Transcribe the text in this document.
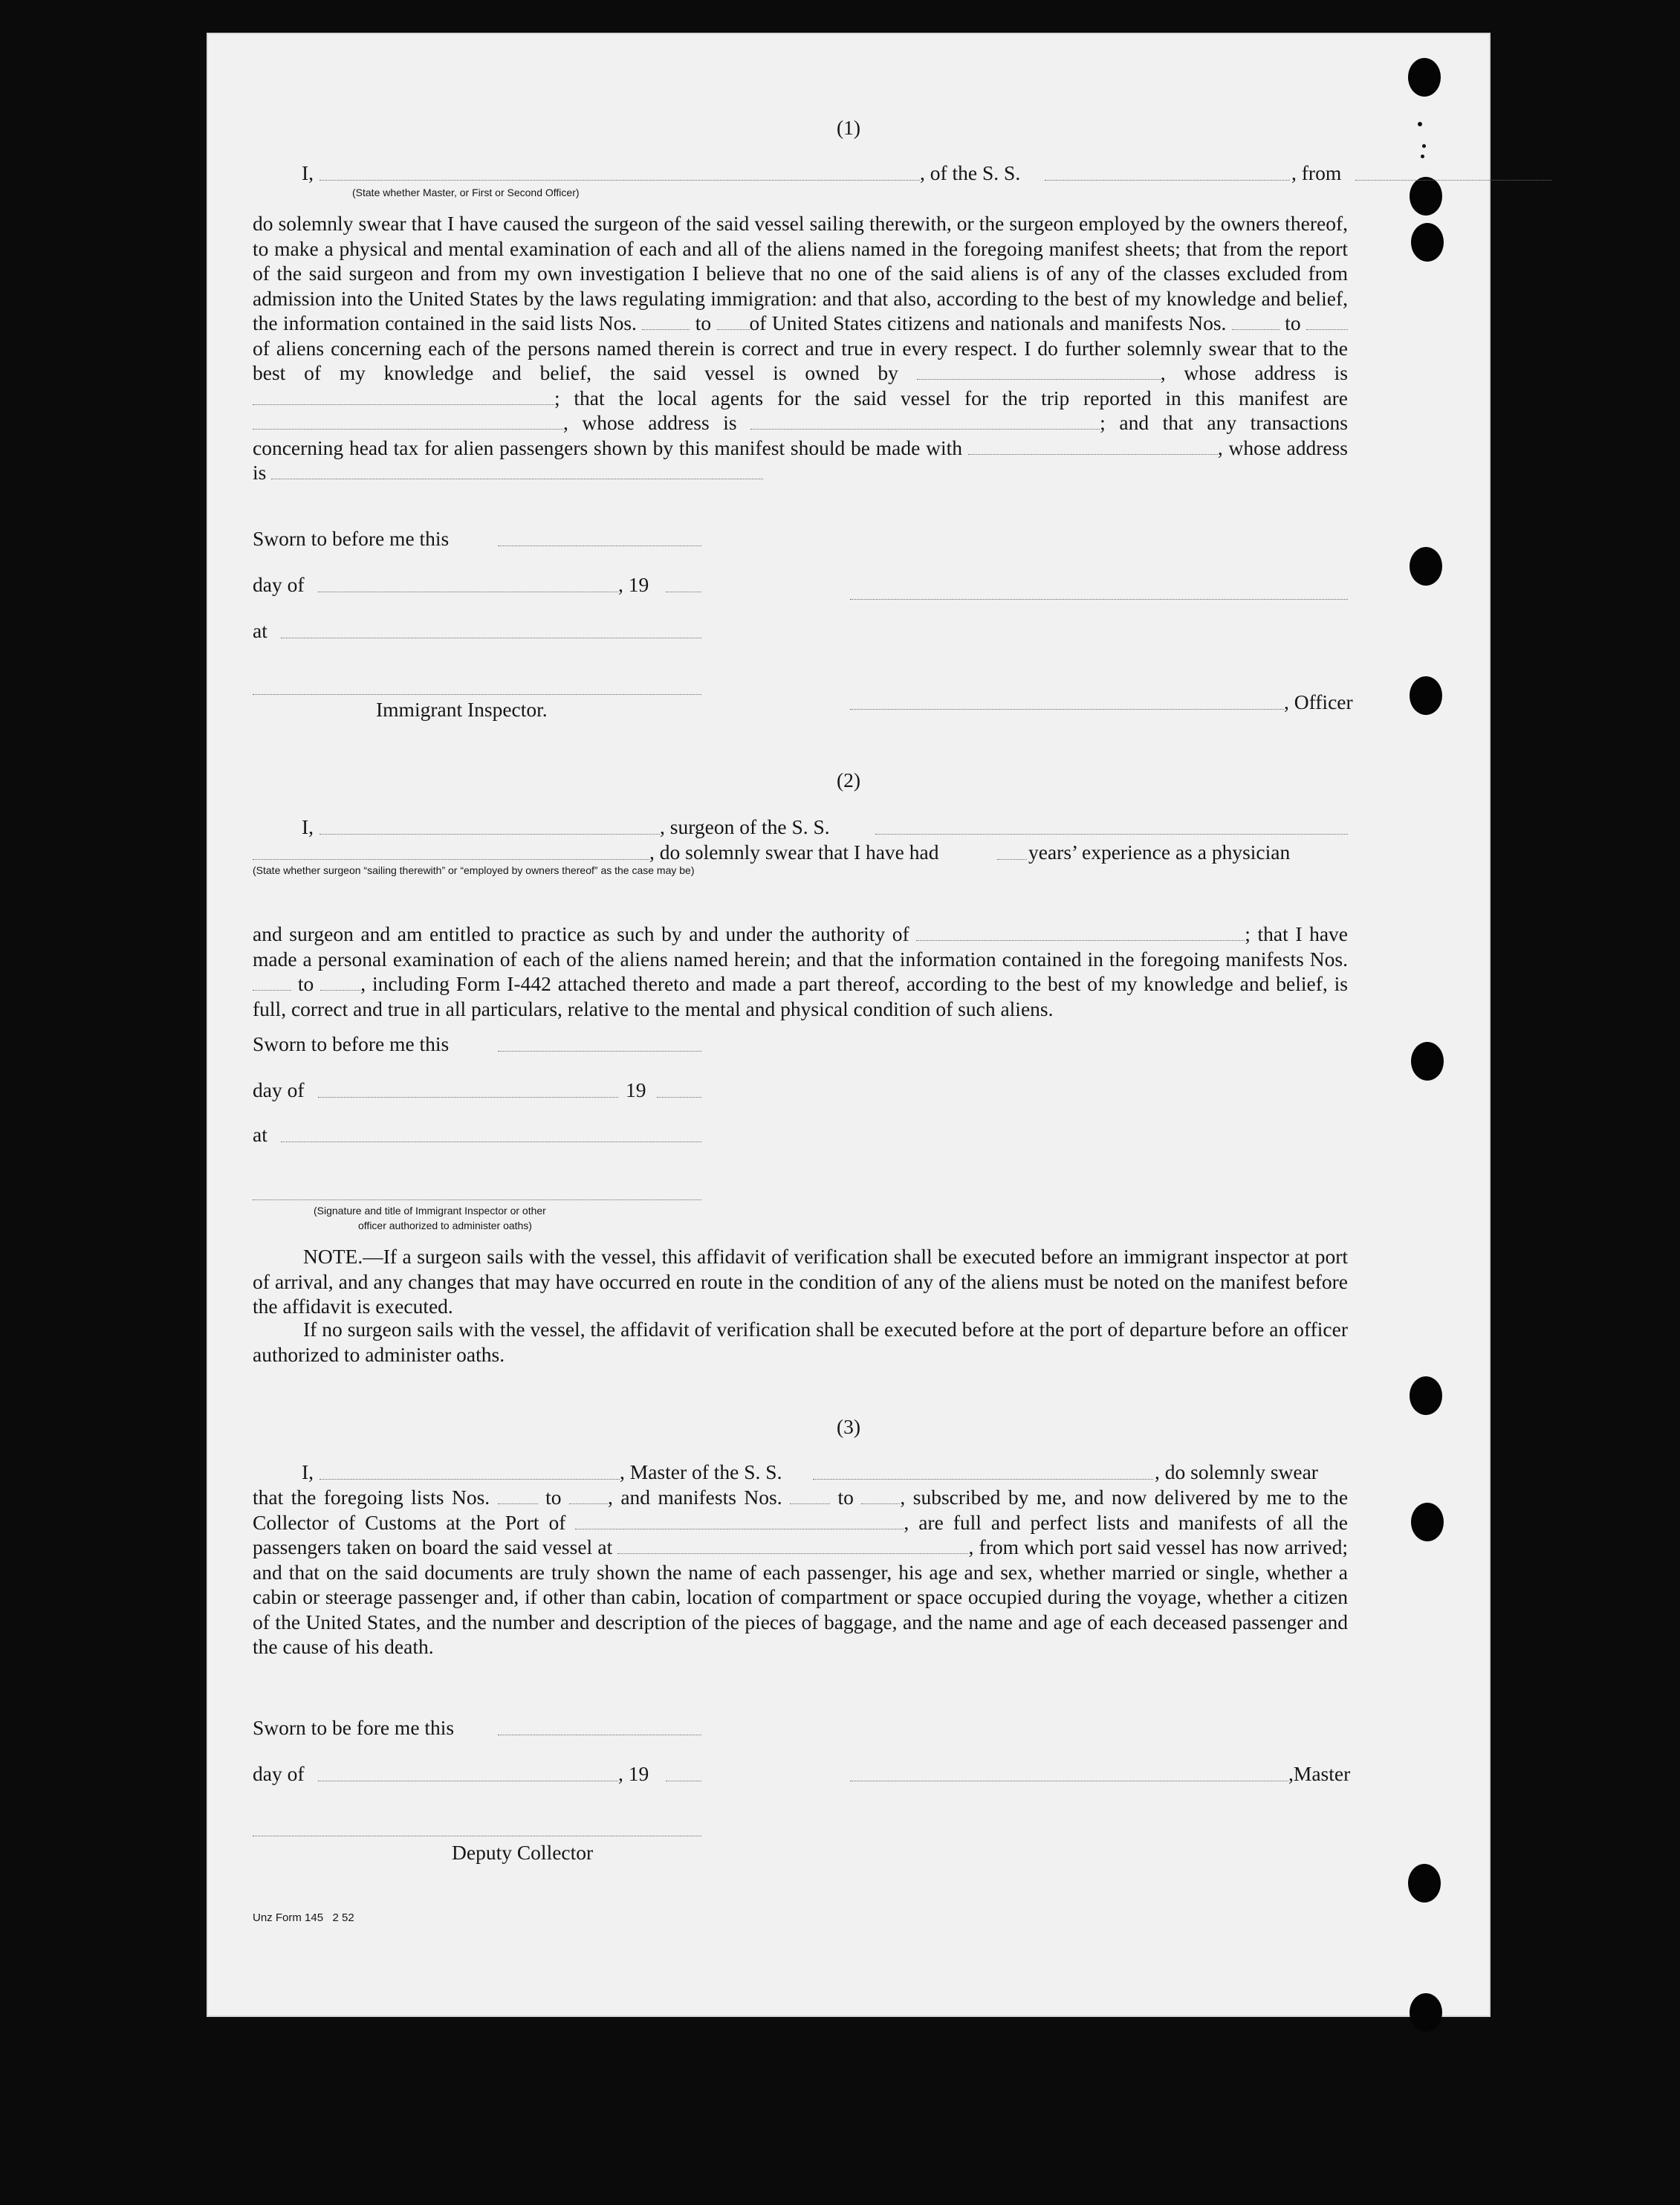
(1)
I,
(State whether Master, or First or Second Officer)
, of the S. S.	, from
do solemnly swear that I have caused the surgeon of the said vessel sailing therewith, or the surgeon employed by the owners thereof, to make a physical and mental examination of each and all of the aliens named in the foregoing manifest sheets; that from the report of the said surgeon and from my own investigation I believe that no one of the said aliens is of any of the classes excluded from admission into the United States by the laws regulating immigration: and that also, according to the best of my knowledge and belief, the information contained in the said lists Nos.	to of United States citizens and nationals and manifests Nos.	to  of aliens concerning each of the persons named therein is correct and true in every respect. I do further solemnly swear that to the best of my knowledge and belief, the said vessel is owned by	, whose address is ; that the local agents for the said vessel for the trip reported in this manifest are , whose address is	; and that any transactions concerning head tax for alien passengers shown by this manifest should be made with	, whose address is
Sworn to before me this
day of	, 19
at
, Officer
Immigrant Inspector.
(2)
I,	, surgeon of the S. S.
, do solemnly swear that I have had	years’ experience as a physician
(State whether surgeon “sailing therewith” or “employed by owners thereof” as the case may be)
and surgeon and am entitled to practice as such by and under the authority of	; that I have made a personal examination of each of the aliens named herein; and that the information contained in the foregoing manifests Nos.  to , including Form I-442 attached thereto and made a part thereof, according to the best of my knowledge and belief, is full, correct and true in all particulars, relative to the mental and physical condition of such aliens.
Sworn to before me this
day of	19
at
(Signature and title of Immigrant Inspector or other
officer authorized to administer oaths)
NOTE.—If a surgeon sails with the vessel, this affidavit of verification shall be executed before an immigrant inspector at port of arrival, and any changes that may have occurred en route in the condition of any of the aliens must be noted on the manifest before the affidavit is executed.
If no surgeon sails with the vessel, the affidavit of verification shall be executed before at the port of departure before an officer authorized to administer oaths.
(3)
I,	, Master of the S. S.	, do solemnly swear
that the foregoing lists Nos.	to , and manifests Nos.	to , subscribed by me, and now delivered by me to the Collector of Customs at the Port of	, are full and perfect lists and manifests of all the passengers taken on board the said vessel at	, from which port said vessel has now arrived; and that on the said documents are truly shown the name of each passenger, his age and sex, whether married or single, whether a cabin or steerage passenger and, if other than cabin, location of compartment or space occupied during the voyage, whether a citizen of the United States, and the number and description of the pieces of baggage, and the name and age of each deceased passenger and the cause of his death.
Sworn to be fore me this
day of	, 19	,Master
Deputy Collector
Unz Form 145   2 52
